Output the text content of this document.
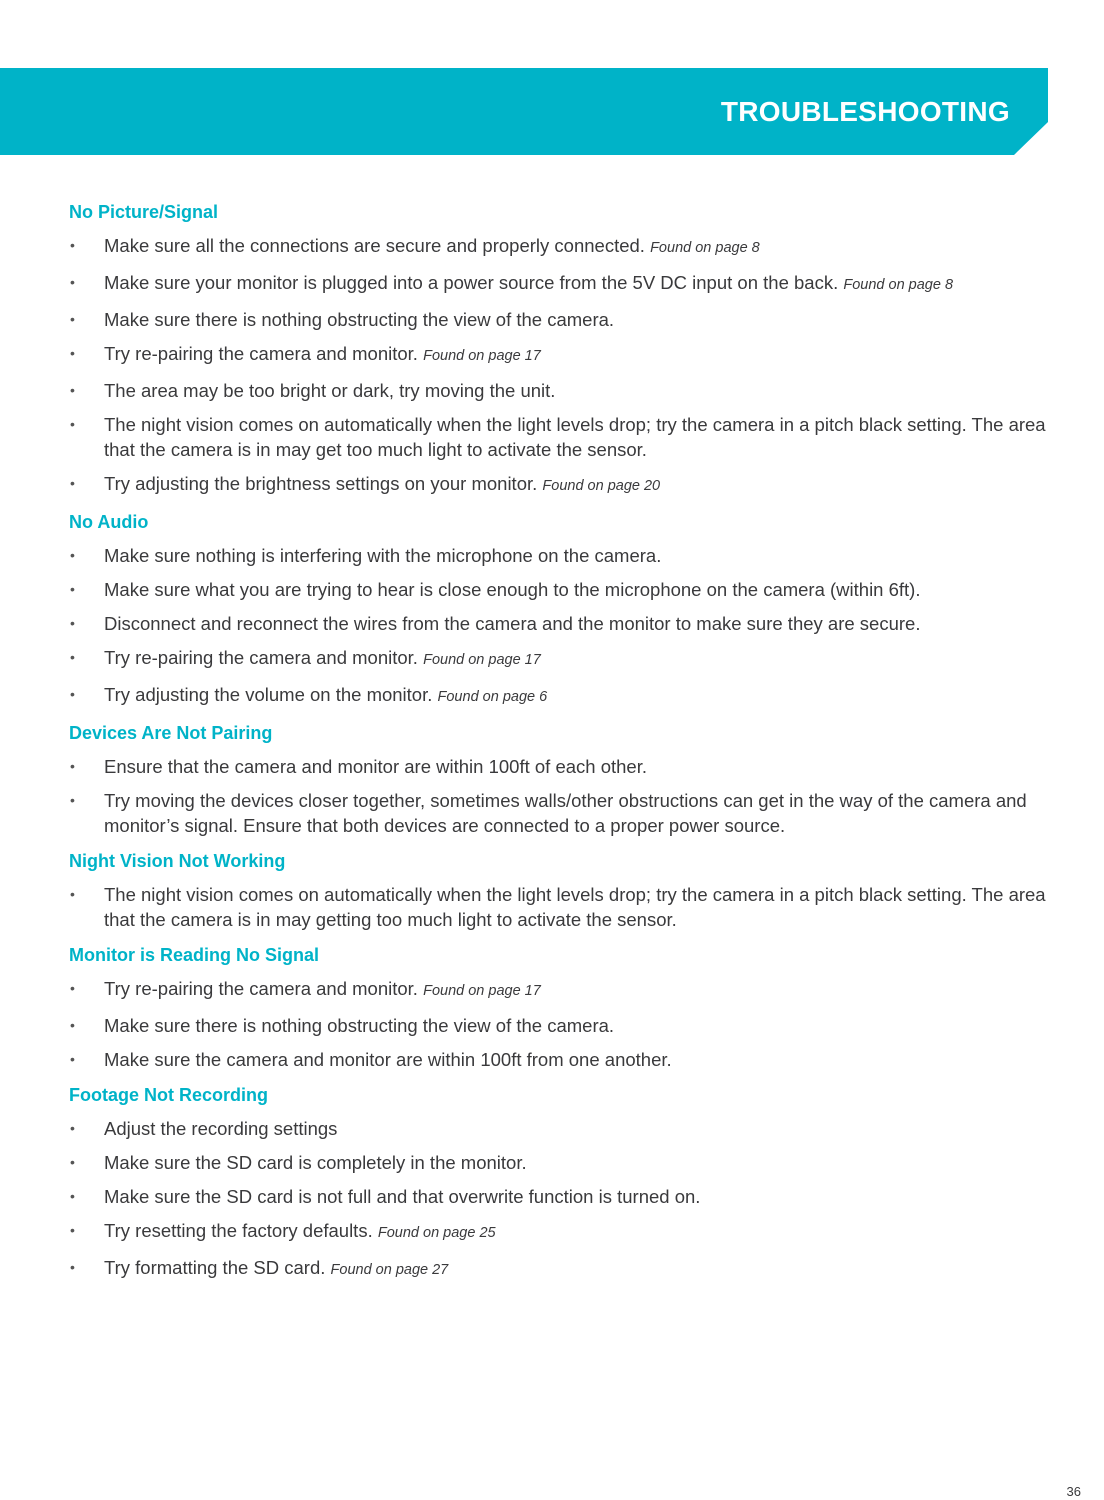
TROUBLESHOOTING
No Picture/Signal
• Make sure all the connections are secure and properly connected. Found on page 8
• Make sure your monitor is plugged into a power source from the 5V DC input on the back. Found on page 8
• Make sure there is nothing obstructing the view of the camera.
• Try re-pairing the camera and monitor. Found on page 17
• The area may be too bright or dark, try moving the unit.
• The night vision comes on automatically when the light levels drop; try the camera in a pitch black setting. The area that the camera is in may get too much light to activate the sensor.
• Try adjusting the brightness settings on your monitor. Found on page 20
No Audio
• Make sure nothing is interfering with the microphone on the camera.
• Make sure what you are trying to hear is close enough to the microphone on the camera (within 6ft).
• Disconnect and reconnect the wires from the camera and the monitor to make sure they are secure.
• Try re-pairing the camera and monitor. Found on page 17
• Try adjusting the volume on the monitor. Found on page 6
Devices Are Not Pairing
• Ensure that the camera and monitor are within 100ft of each other.
• Try moving the devices closer together, sometimes walls/other obstructions can get in the way of the camera and monitor’s signal. Ensure that both devices are connected to a proper power source.
Night Vision Not Working
• The night vision comes on automatically when the light levels drop; try the camera in a pitch black setting. The area that the camera is in may getting too much light to activate the sensor.
Monitor is Reading No Signal
• Try re-pairing the camera and monitor. Found on page 17
• Make sure there is nothing obstructing the view of the camera.
• Make sure the camera and monitor are within 100ft from one another.
Footage Not Recording
• Adjust the recording settings
• Make sure the SD card is completely in the monitor.
• Make sure the SD card is not full and that overwrite function is turned on.
• Try resetting the factory defaults. Found on page 25
• Try formatting the SD card. Found on page 27
36
